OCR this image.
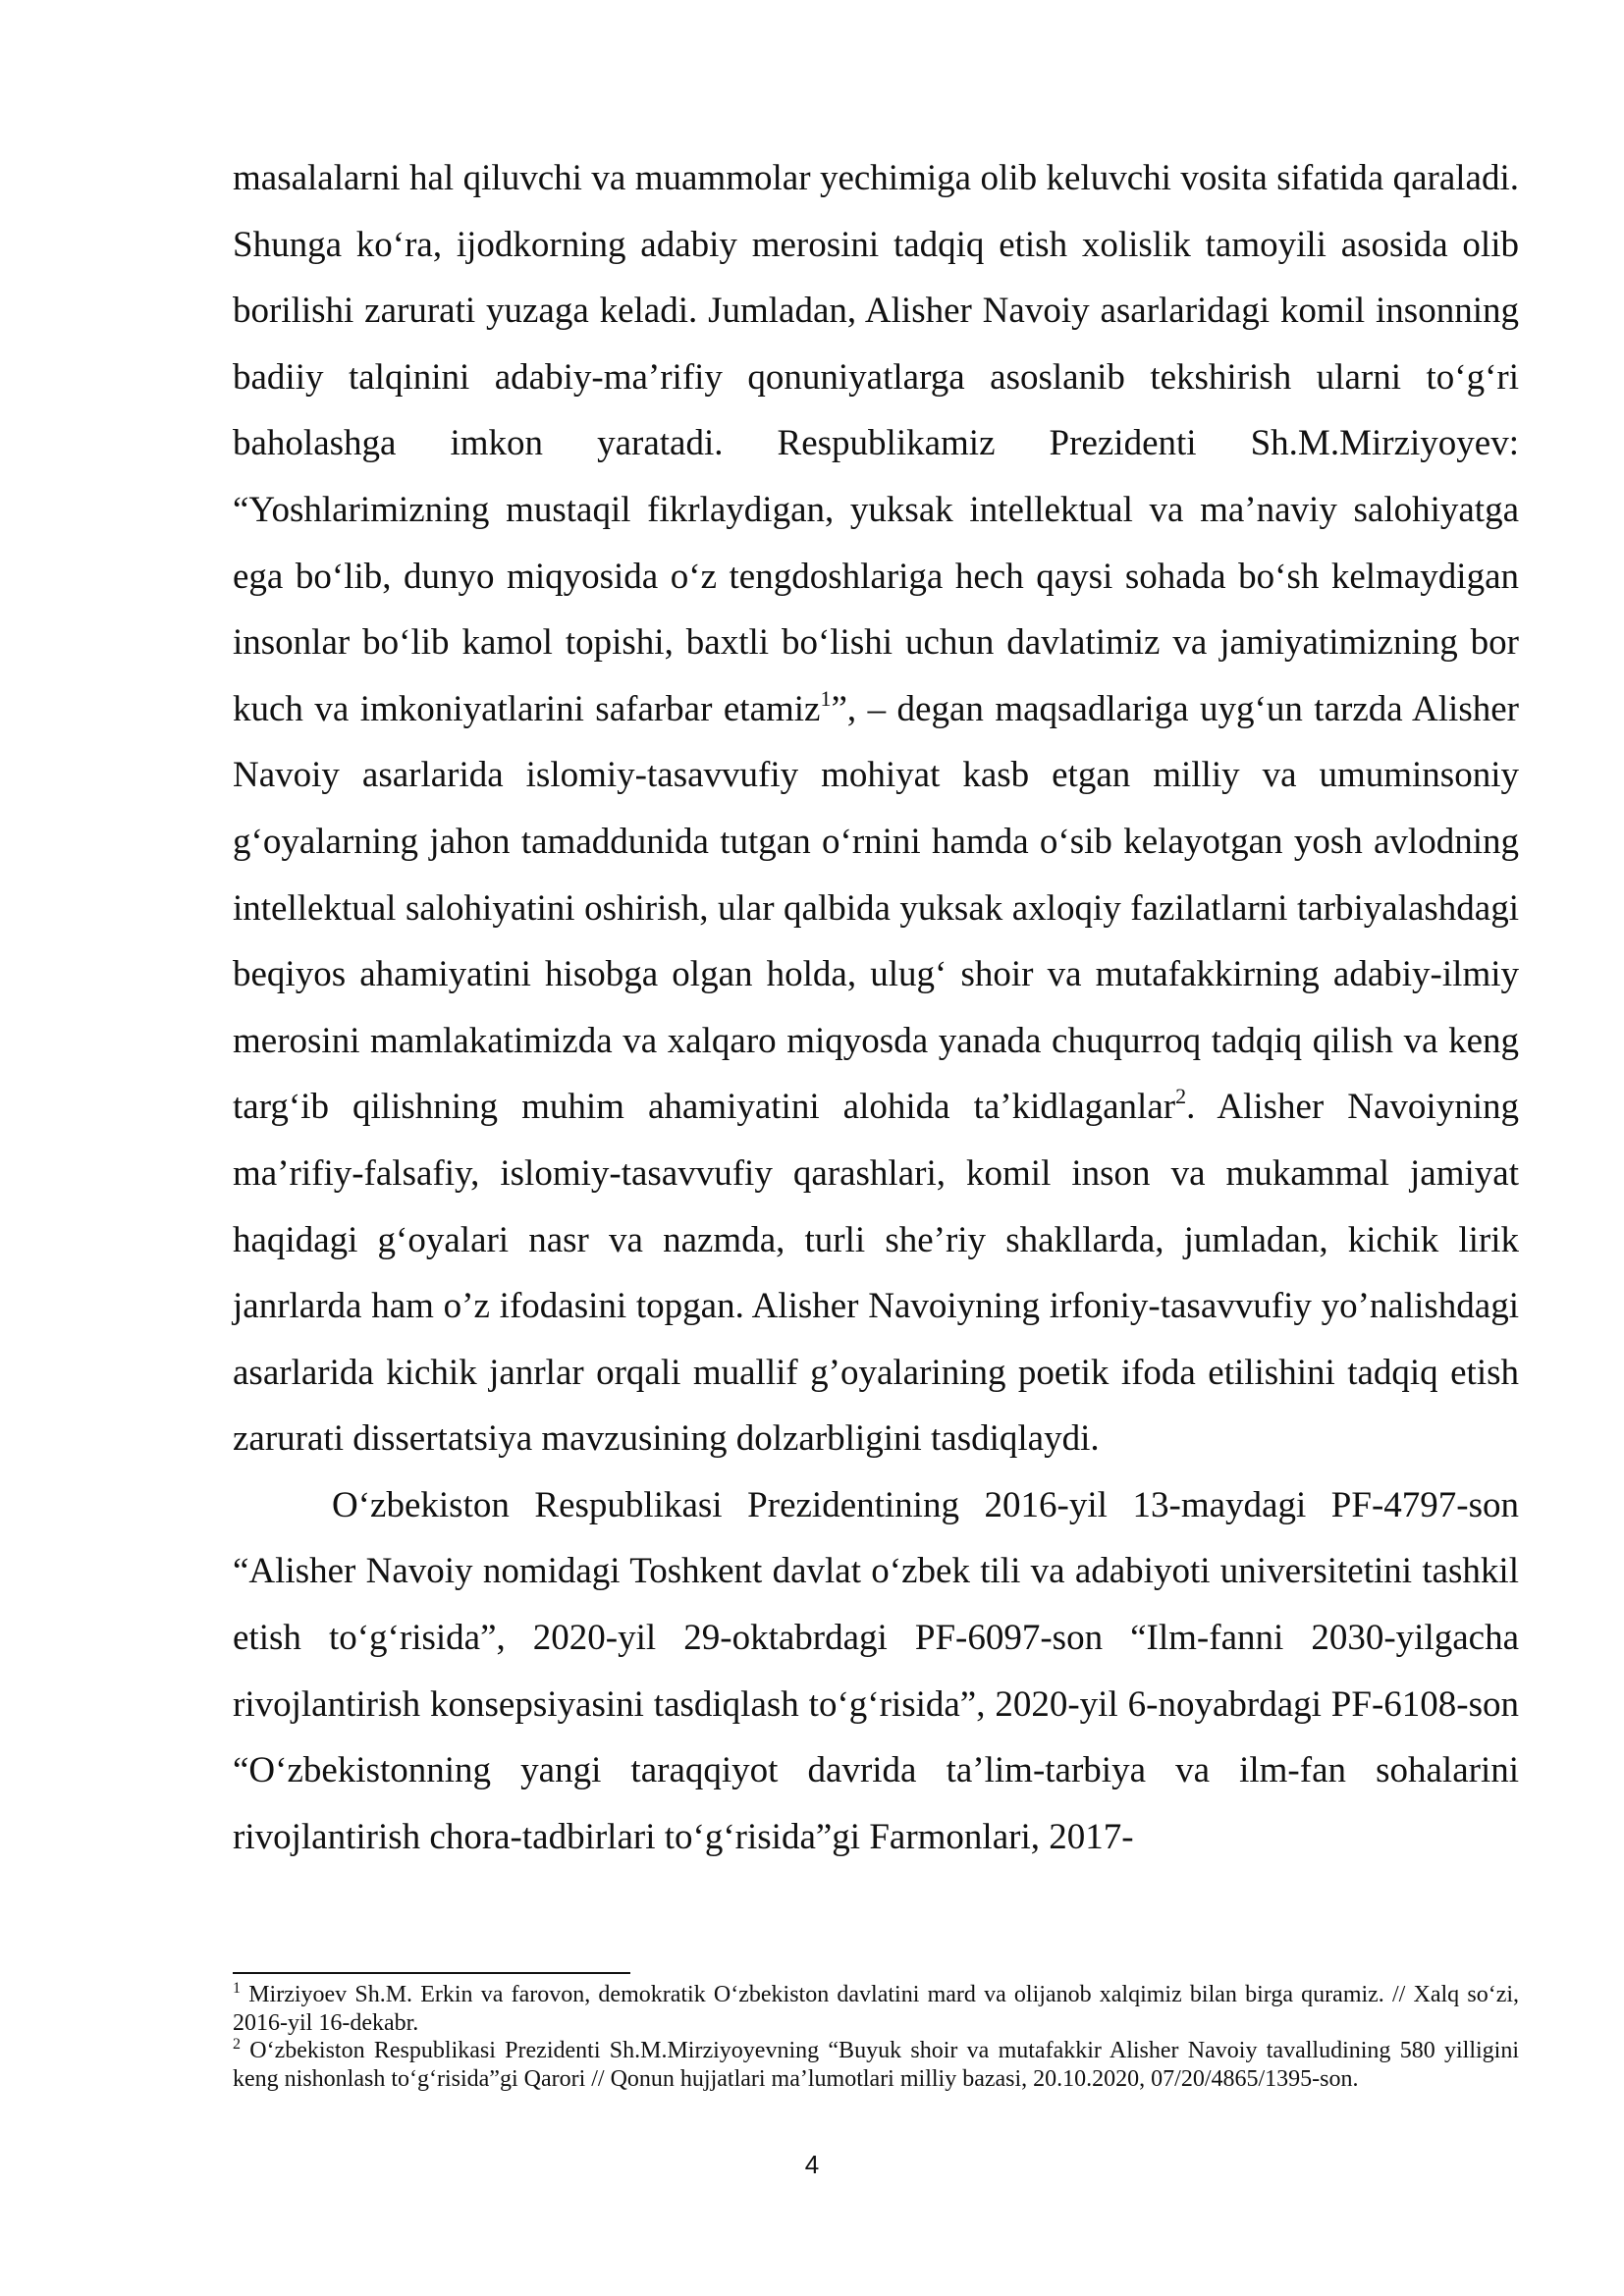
masalalarni hal qiluvchi va muammolar yechimiga olib keluvchi vosita sifatida qaraladi. Shunga ko‘ra, ijodkorning adabiy merosini tadqiq etish xolislik tamoyili asosida olib borilishi zarurati yuzaga keladi. Jumladan, Alisher Navoiy asarlaridagi komil insonning badiiy talqinini adabiy-ma’rifiy qonuniyatlarga asoslanib tekshirish ularni to‘g‘ri baholashga imkon yaratadi. Respublikamiz Prezidenti Sh.M.Mirziyoyev: “Yoshlarimizning mustaqil fikrlaydigan, yuksak intellektual va ma’naviy salohiyatga ega bo‘lib, dunyo miqyosida o‘z tengdoshlariga hech qaysi sohada bo‘sh kelmaydigan insonlar bo‘lib kamol topishi, baxtli bo‘lishi uchun davlatimiz va jamiyatimizning bor kuch va imkoniyatlarini safarbar etamiz$^1$”, – degan maqsadlariga uyg‘un tarzda Alisher Navoiy asarlarida islomiy-tasavvufiy mohiyat kasb etgan milliy va umuminsoniy g‘oyalarning jahon tamaddunida tutgan o‘rnini hamda o‘sib kelayotgan yosh avlodning intellektual salohiyatini oshirish, ular qalbida yuksak axloqiy fazilatlarni tarbiyalashdagi beqiyos ahamiyatini hisobga olgan holda, ulug‘ shoir va mutafakkirning adabiy-ilmiy merosini mamlakatimizda va xalqaro miqyosda yanada chuqurroq tadqiq qilish va keng targ‘ib qilishning muhim ahamiyatini alohida ta’kidlaganlar$^2$. Alisher Navoiyning ma’rifiy-falsafiy, islomiy-tasavvufiy qarashlari, komil inson va mukammal jamiyat haqidagi g‘oyalari nasr va nazmda, turli she’riy shakllarda, jumladan, kichik lirik janrlarda ham o’z ifodasini topgan. Alisher Navoiyning irfoniy-tasavvufiy yo’nalishdagi asarlarida kichik janrlar orqali muallif g’oyalarining poetik ifoda etilishini tadqiq etish zarurati dissertatsiya mavzusining dolzarbligini tasdiqlaydi.

O‘zbekiston Respublikasi Prezidentining 2016-yil 13-maydagi PF-4797-son “Alisher Navoiy nomidagi Toshkent davlat o‘zbek tili va adabiyoti universitetini tashkil etish to‘g‘risida”, 2020-yil 29-oktabrdagi PF-6097-son “Ilm-fanni 2030-yilgacha rivojlantirish konsepsiyasini tasdiqlash to‘g‘risida”, 2020-yil 6-noyabrdagi PF-6108-son “O‘zbekistonning yangi taraqqiyot davrida ta’lim-tarbiya va ilm-fan sohalarini rivojlantirish chora-tadbirlari to‘g‘risida”gi Farmonlari, 2017-

$^1$ Mirziyoev Sh.M. Erkin va farovon, demokratik O‘zbekiston davlatini mard va olijanob xalqimiz bilan birga quramiz. // Xalq so‘zi, 2016-yil 16-dekabr.

$^2$ O‘zbekiston Respublikasi Prezidenti Sh.M.Mirziyoyevning “Buyuk shoir va mutafakkir Alisher Navoiy tavalludining 580 yilligini keng nishonlash to‘g‘risida”gi Qarori // Qonun hujjatlari ma’lumotlari milliy bazasi, 20.10.2020, 07/20/4865/1395-son.

4
